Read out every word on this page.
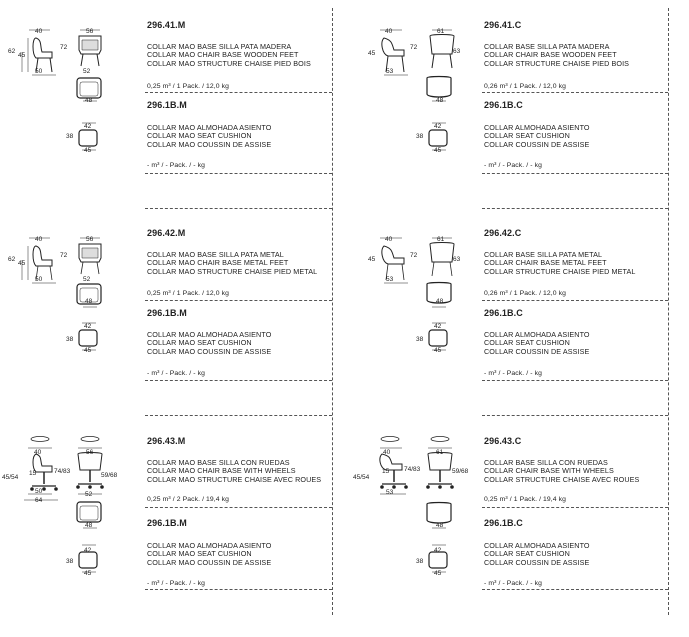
296.41.M
COLLAR MAO BASE SILLA PATA MADERA
COLLAR MAO CHAIR BASE WOODEN FEET
COLLAR MAO STRUCTURE CHAISE PIED BOIS
0,25 m³ / 1 Pack. / 12,0 kg
296.1B.M
COLLAR MAO ALMOHADA ASIENTO
COLLAR MAO SEAT CUSHION
COLLAR MAO COUSSIN DE ASSISE
- m³ / - Pack. / - kg
40
62
45
50
56
72
52
48
42
38
45
296.41.C
COLLAR BASE SILLA PATA MADERA
COLLAR CHAIR BASE WOODEN FEET
COLLAR STRUCTURE CHAISE PIED BOIS
0,26 m³ / 1 Pack. / 12,0 kg
296.1B.C
COLLAR ALMOHADA ASIENTO
COLLAR SEAT CUSHION
COLLAR COUSSIN DE ASSISE
- m³ / - Pack. / - kg
40
45
53
61
72
63
48
42
38
45
296.42.M
COLLAR MAO BASE SILLA PATA METAL
COLLAR MAO CHAIR BASE METAL FEET
COLLAR MAO STRUCTURE CHAISE PIED METAL
0,25 m³ / 1 Pack. / 12,0 kg
296.1B.M
COLLAR MAO ALMOHADA ASIENTO
COLLAR MAO SEAT CUSHION
COLLAR MAO COUSSIN DE ASSISE
- m³ / - Pack. / - kg
40
62
45
50
56
72
52
48
42
38
45
296.42.C
COLLAR BASE SILLA PATA METAL
COLLAR CHAIR BASE METAL FEET
COLLAR STRUCTURE CHAISE PIED METAL
0,26 m³ / 1 Pack. / 12,0 kg
296.1B.C
COLLAR ALMOHADA ASIENTO
COLLAR SEAT CUSHION
COLLAR COUSSIN DE ASSISE
- m³ / - Pack. / - kg
40
45
53
61
72
63
48
42
38
45
296.43.M
COLLAR MAO BASE SILLA CON RUEDAS
COLLAR MAO CHAIR BASE WITH WHEELS
COLLAR MAO STRUCTURE CHAISE AVEC ROUES
0,25 m³ / 2 Pack. / 19,4 kg
296.1B.M
COLLAR MAO ALMOHADA ASIENTO
COLLAR MAO SEAT CUSHION
COLLAR MAO COUSSIN DE ASSISE
- m³ / - Pack. / - kg
40
45/54
15
50
64
56
74/83
59/68
52
48
42
38
45
296.43.C
COLLAR BASE SILLA CON RUEDAS
COLLAR CHAIR BASE WITH WHEELS
COLLAR STRUCTURE CHAISE AVEC ROUES
0,25 m³ / 1 Pack. / 19,4 kg
296.1B.C
COLLAR ALMOHADA ASIENTO
COLLAR SEAT CUSHION
COLLAR COUSSIN DE ASSISE
- m³ / - Pack. / - kg
40
45/54
15
53
61
74/83	59/68
48
42
38
45
